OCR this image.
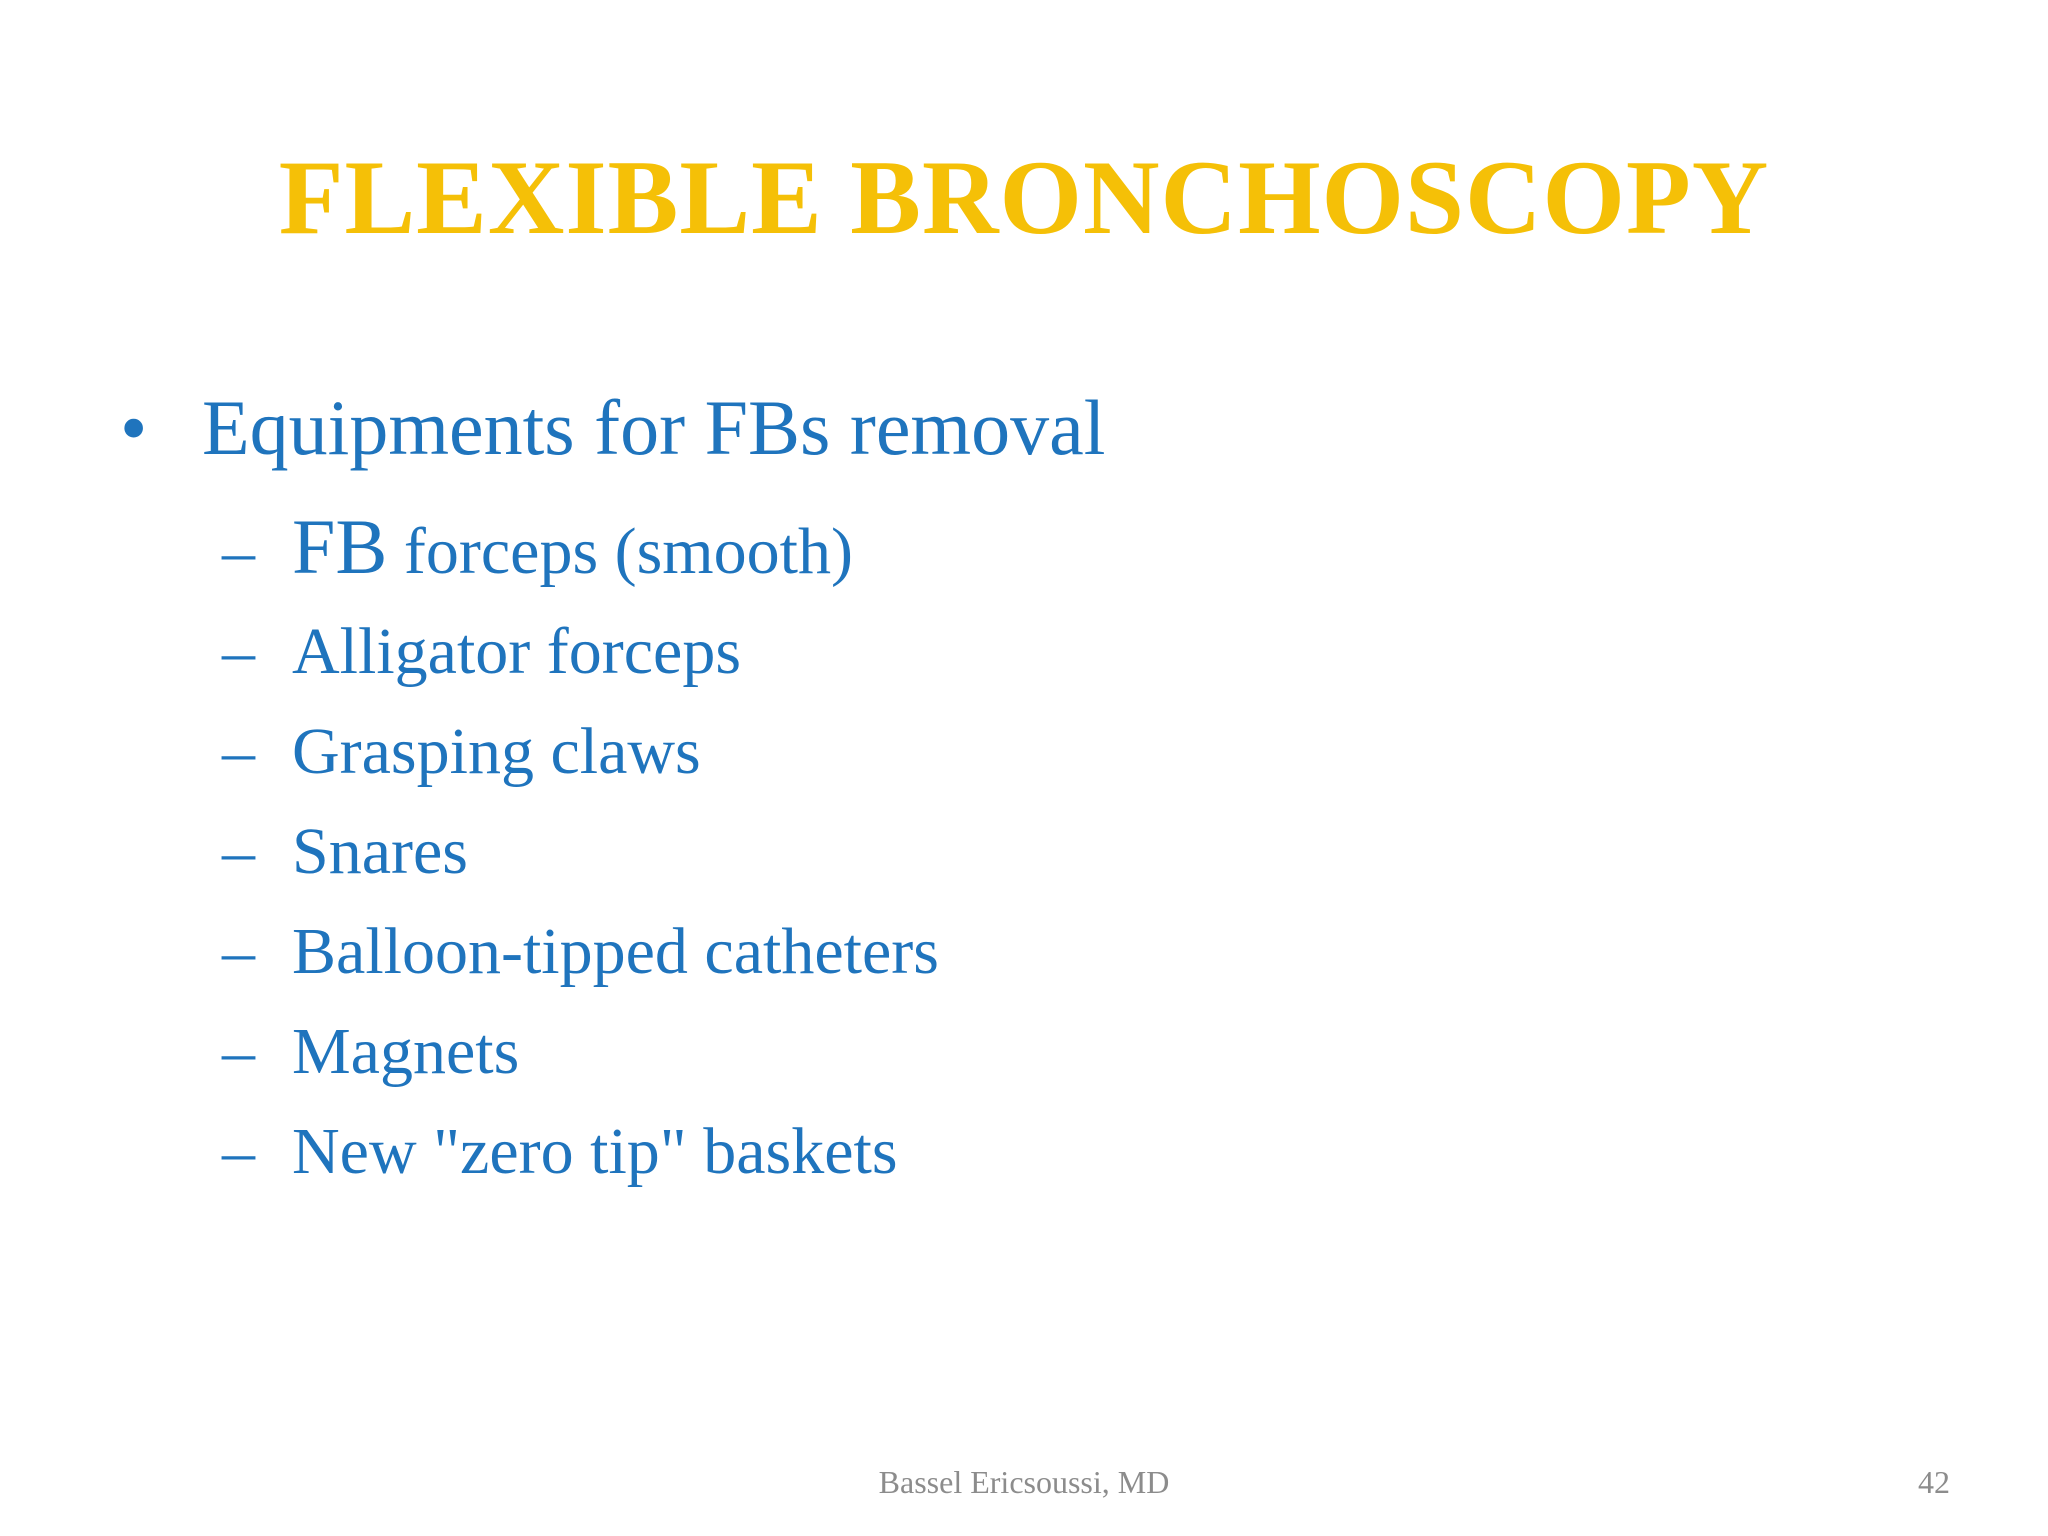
FLEXIBLE BRONCHOSCOPY
• Equipments for FBs removal
– FB forceps (smooth)
– Alligator forceps
– Grasping claws
– Snares
– Balloon-tipped catheters
– Magnets
– New "zero tip" baskets
Bassel Ericsoussi, MD	42
